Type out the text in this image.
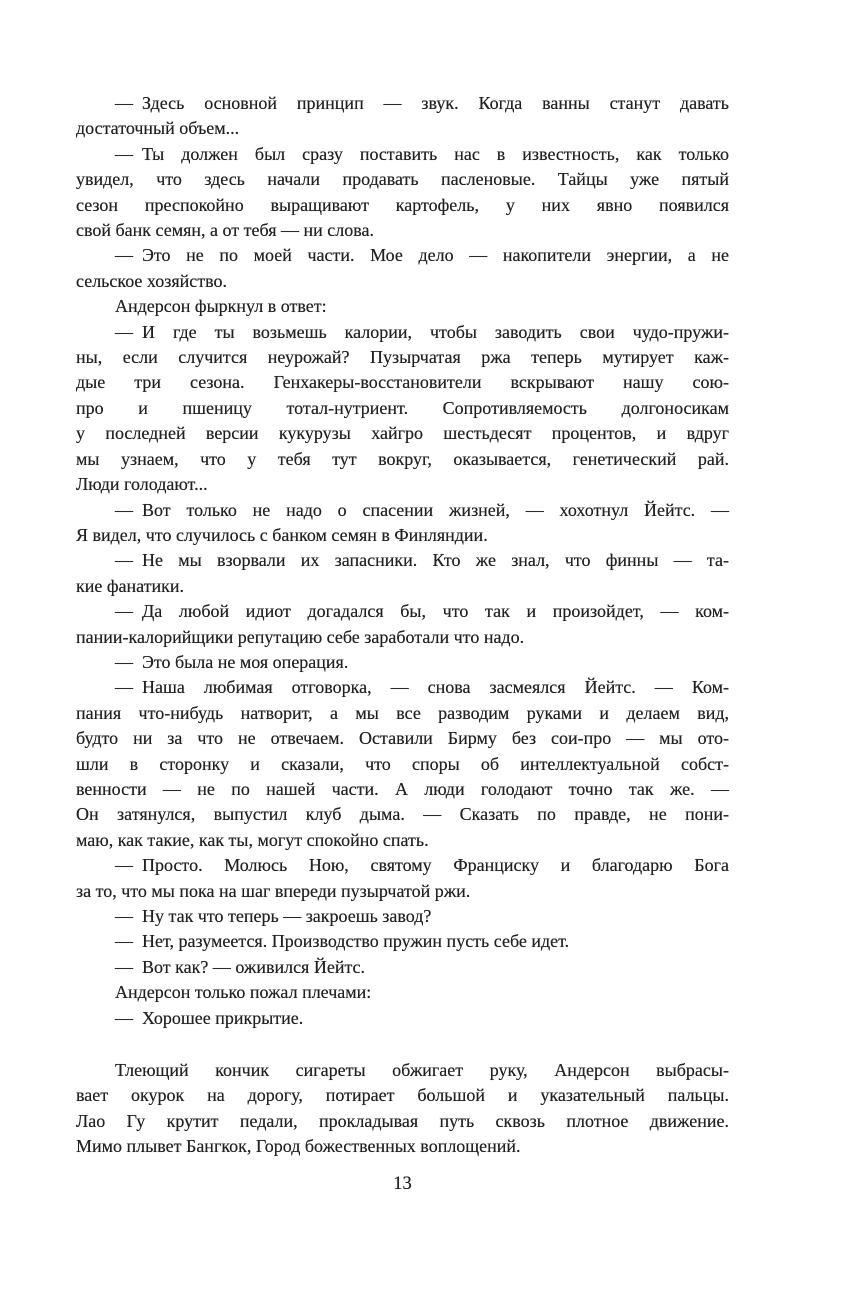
— Здесь основной принцип — звук. Когда ванны станут давать
достаточный объем...
— Ты должен был сразу поставить нас в известность, как только
увидел, что здесь начали продавать пасленовые. Тайцы уже пятый
сезон преспокойно выращивают картофель, у них явно появился
свой банк семян, а от тебя — ни слова.
— Это не по моей части. Мое дело — накопители энергии, а не
сельское хозяйство.
Андерсон фыркнул в ответ:
— И где ты возьмешь калории, чтобы заводить свои чудо-пружи-
ны, если случится неурожай? Пузырчатая ржа теперь мутирует каж-
дые три сезона. Генхакеры-восстановители вскрывают нашу сою-
про и пшеницу тотал-нутриент. Сопротивляемость долгоносикам
у последней версии кукурузы хайгро шестьдесят процентов, и вдруг
мы узнаем, что у тебя тут вокруг, оказывается, генетический рай.
Люди голодают...
— Вот только не надо о спасении жизней, — хохотнул Йейтс. —
Я видел, что случилось с банком семян в Финляндии.
— Не мы взорвали их запасники. Кто же знал, что финны — та-
кие фанатики.
— Да любой идиот догадался бы, что так и произойдет, — ком-
пании-калорийщики репутацию себе заработали что надо.
— Это была не моя операция.
— Наша любимая отговорка, — снова засмеялся Йейтс. — Ком-
пания что-нибудь натворит, а мы все разводим руками и делаем вид,
будто ни за что не отвечаем. Оставили Бирму без сои-про — мы ото-
шли в сторонку и сказали, что споры об интеллектуальной собст-
венности — не по нашей части. А люди голодают точно так же. —
Он затянулся, выпустил клуб дыма. — Сказать по правде, не пони-
маю, как такие, как ты, могут спокойно спать.
— Просто. Молюсь Ною, святому Франциску и благодарю Бога
за то, что мы пока на шаг впереди пузырчатой ржи.
— Ну так что теперь — закроешь завод?
— Нет, разумеется. Производство пружин пусть себе идет.
— Вот как? — оживился Йейтс.
Андерсон только пожал плечами:
— Хорошее прикрытие.
Тлеющий кончик сигареты обжигает руку, Андерсон выбрасы-
вает окурок на дорогу, потирает большой и указательный пальцы.
Лао Гу крутит педали, прокладывая путь сквозь плотное движение.
Мимо плывет Бангкок, Город божественных воплощений.
13
